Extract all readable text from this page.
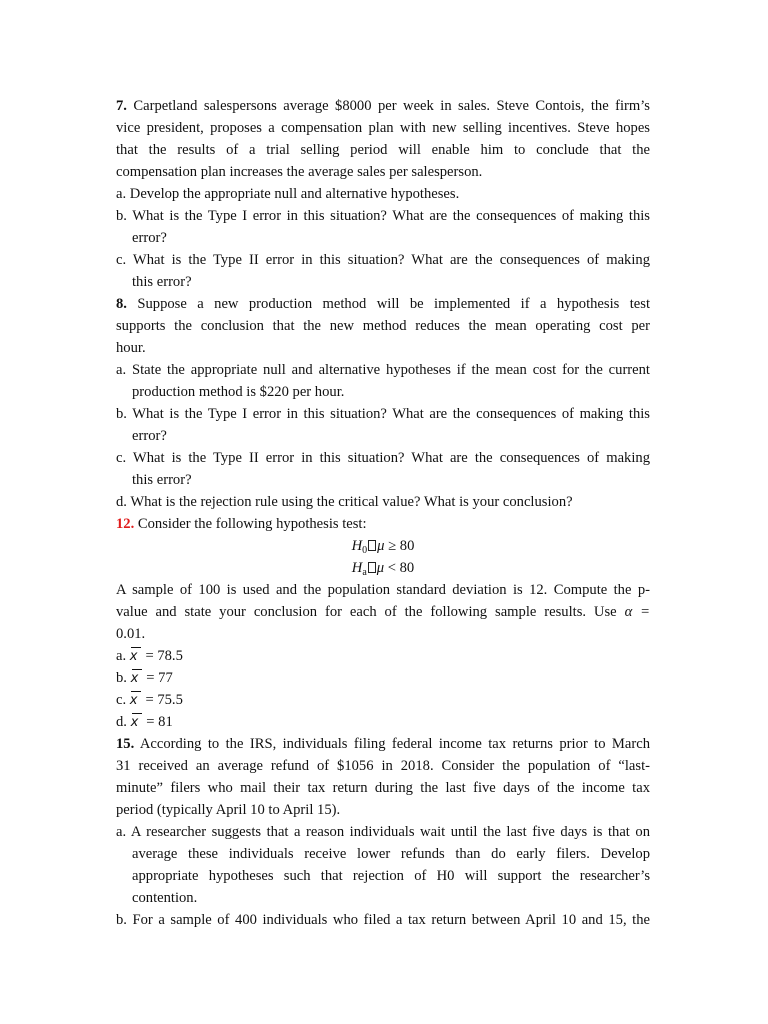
7. Carpetland salespersons average $8000 per week in sales. Steve Contois, the firm’s
vice president, proposes a compensation plan with new selling incentives. Steve hopes
that the results of a trial selling period will enable him to conclude that the
compensation plan increases the average sales per salesperson.
a. Develop the appropriate null and alternative hypotheses.
b. What is the Type I error in this situation? What are the consequences of making this
error?
c. What is the Type II error in this situation? What are the consequences of making
this error?
8. Suppose a new production method will be implemented if a hypothesis test
supports the conclusion that the new method reduces the mean operating cost per
hour.
a. State the appropriate null and alternative hypotheses if the mean cost for the current
production method is $220 per hour.
b. What is the Type I error in this situation? What are the consequences of making this
error?
c. What is the Type II error in this situation? What are the consequences of making
this error?
d. What is the rejection rule using the critical value? What is your conclusion?
12. Consider the following hypothesis test:
$H_0$ μ ≥ 80
$H_a$ μ < 80
A sample of 100 is used and the population standard deviation is 12. Compute the p-
value and state your conclusion for each of the following sample results. Use α =
0.01.
a. x = 78.5
b. x = 77
c. x = 75.5
d. x = 81
15. According to the IRS, individuals filing federal income tax returns prior to March
31 received an average refund of $1056 in 2018. Consider the population of “last-
minute” filers who mail their tax return during the last five days of the income tax
period (typically April 10 to April 15).
a. A researcher suggests that a reason individuals wait until the last five days is that on
average these individuals receive lower refunds than do early filers. Develop
appropriate hypotheses such that rejection of H0 will support the researcher’s
contention.
b. For a sample of 400 individuals who filed a tax return between April 10 and 15, the
